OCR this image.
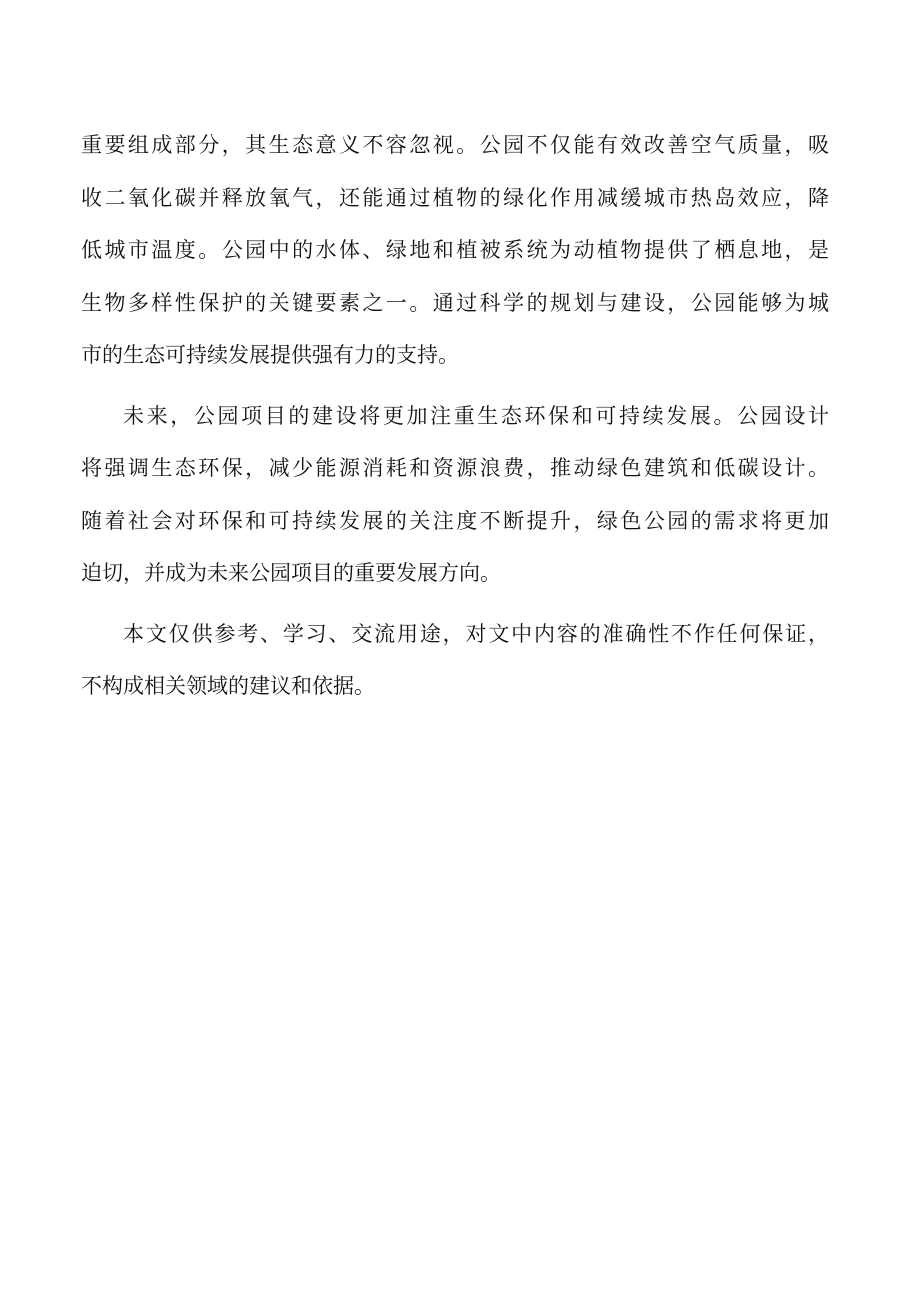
重要组成部分，其生态意义不容忽视。公园不仅能有效改善空气质量，吸
收二氧化碳并释放氧气，还能通过植物的绿化作用减缓城市热岛效应，降
低城市温度。公园中的水体、绿地和植被系统为动植物提供了栖息地，是
生物多样性保护的关键要素之一。通过科学的规划与建设，公园能够为城
市的生态可持续发展提供强有力的支持。

未来，公园项目的建设将更加注重生态环保和可持续发展。公园设计
将强调生态环保，减少能源消耗和资源浪费，推动绿色建筑和低碳设计。
随着社会对环保和可持续发展的关注度不断提升，绿色公园的需求将更加
迫切，并成为未来公园项目的重要发展方向。

本文仅供参考、学习、交流用途，对文中内容的准确性不作任何保证，
不构成相关领域的建议和依据。
